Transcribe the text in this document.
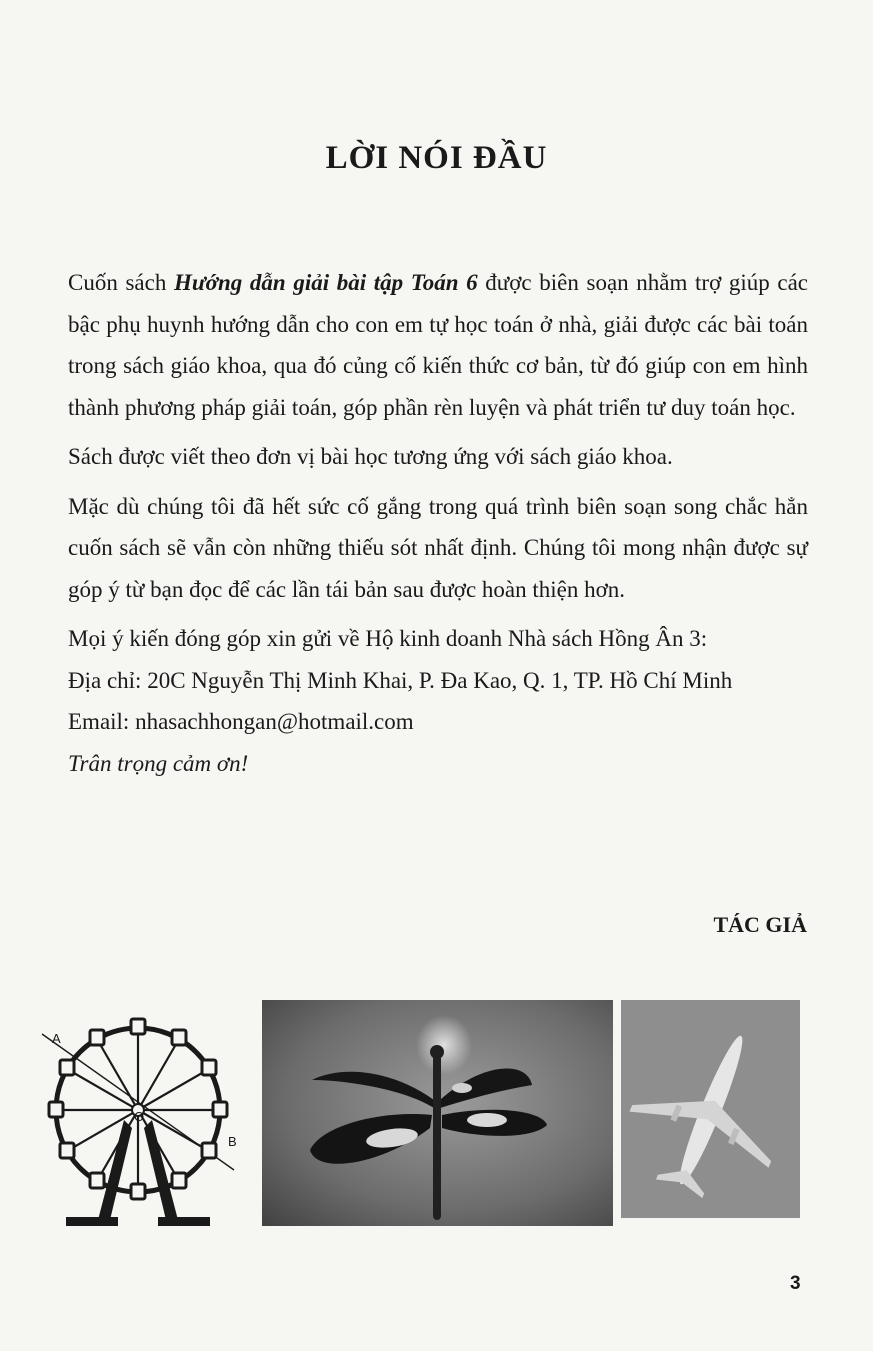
LỜI NÓI ĐẦU

Cuốn sách Hướng dẫn giải bài tập Toán 6 được biên soạn nhằm trợ giúp các bậc phụ huynh hướng dẫn cho con em tự học toán ở nhà, giải được các bài toán trong sách giáo khoa, qua đó củng cố kiến thức cơ bản, từ đó giúp con em hình thành phương pháp giải toán, góp phần rèn luyện và phát triển tư duy toán học.

Sách được viết theo đơn vị bài học tương ứng với sách giáo khoa.

Mặc dù chúng tôi đã hết sức cố gắng trong quá trình biên soạn song chắc hẳn cuốn sách sẽ vẫn còn những thiếu sót nhất định. Chúng tôi mong nhận được sự góp ý từ bạn đọc để các lần tái bản sau được hoàn thiện hơn.

Mọi ý kiến đóng góp xin gửi về Hộ kinh doanh Nhà sách Hồng Ân 3:

Địa chỉ: 20C Nguyễn Thị Minh Khai, P. Đa Kao, Q. 1, TP. Hồ Chí Minh

Email: nhasachhongan@hotmail.com

Trân trọng cảm ơn!

TÁC GIẢ
A
O
B
3
